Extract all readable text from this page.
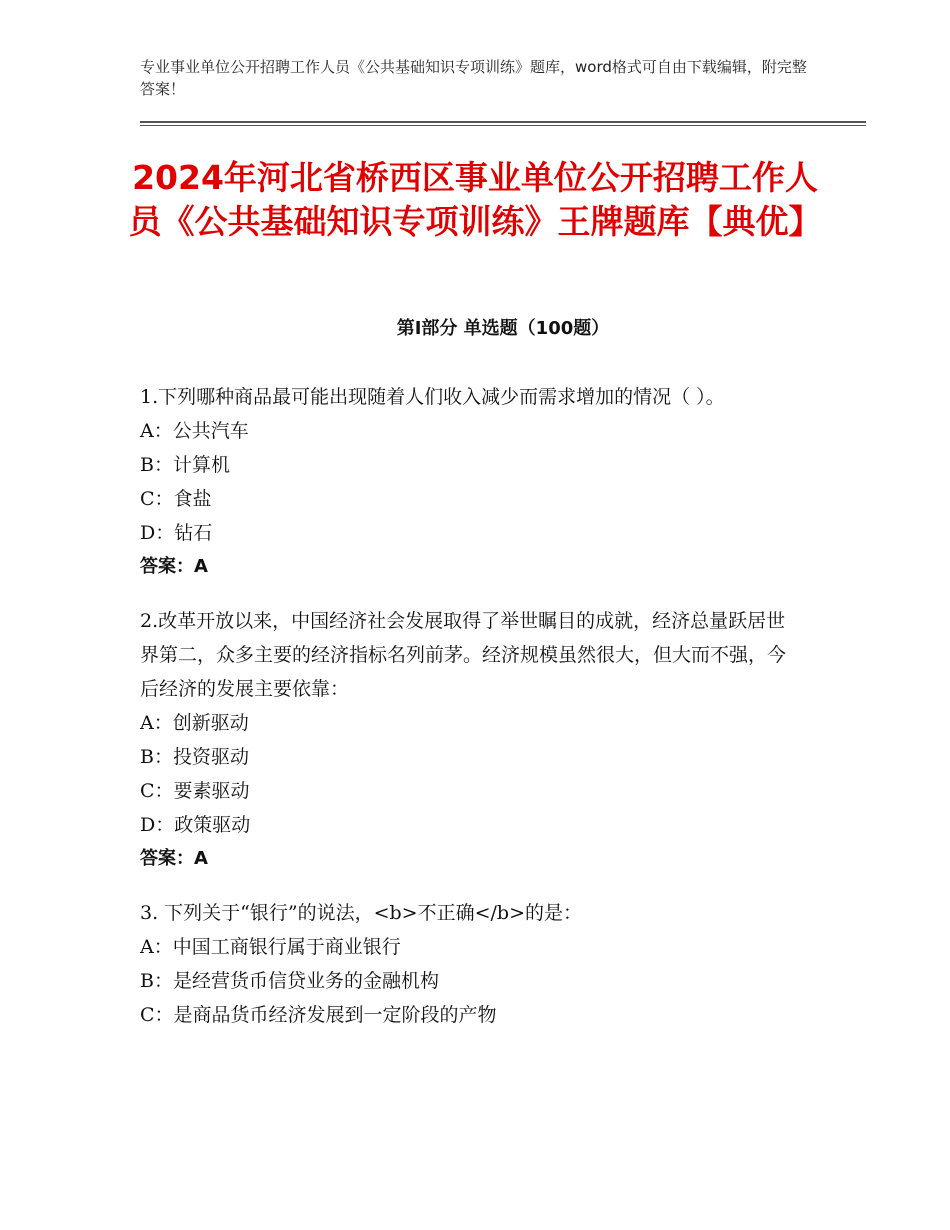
专业事业单位公开招聘工作人员《公共基础知识专项训练》题库，word格式可自由下载编辑，附完整答案！
2024年河北省桥西区事业单位公开招聘工作人员《公共基础知识专项训练》王牌题库【典优】
第Ⅰ部分 单选题（100题）
1.下列哪种商品最可能出现随着人们收入减少而需求增加的情况（ ）。
A：公共汽车
B：计算机
C：食盐
D：钻石
答案：A
2.改革开放以来，中国经济社会发展取得了举世瞩目的成就，经济总量跃居世界第二，众多主要的经济指标名列前茅。经济规模虽然很大，但大而不强，今后经济的发展主要依靠：
A：创新驱动
B：投资驱动
C：要素驱动
D：政策驱动
答案：A
3. 下列关于“银行”的说法，<b>不正确</b>的是：
A：中国工商银行属于商业银行
B：是经营货币信贷业务的金融机构
C：是商品货币经济发展到一定阶段的产物
